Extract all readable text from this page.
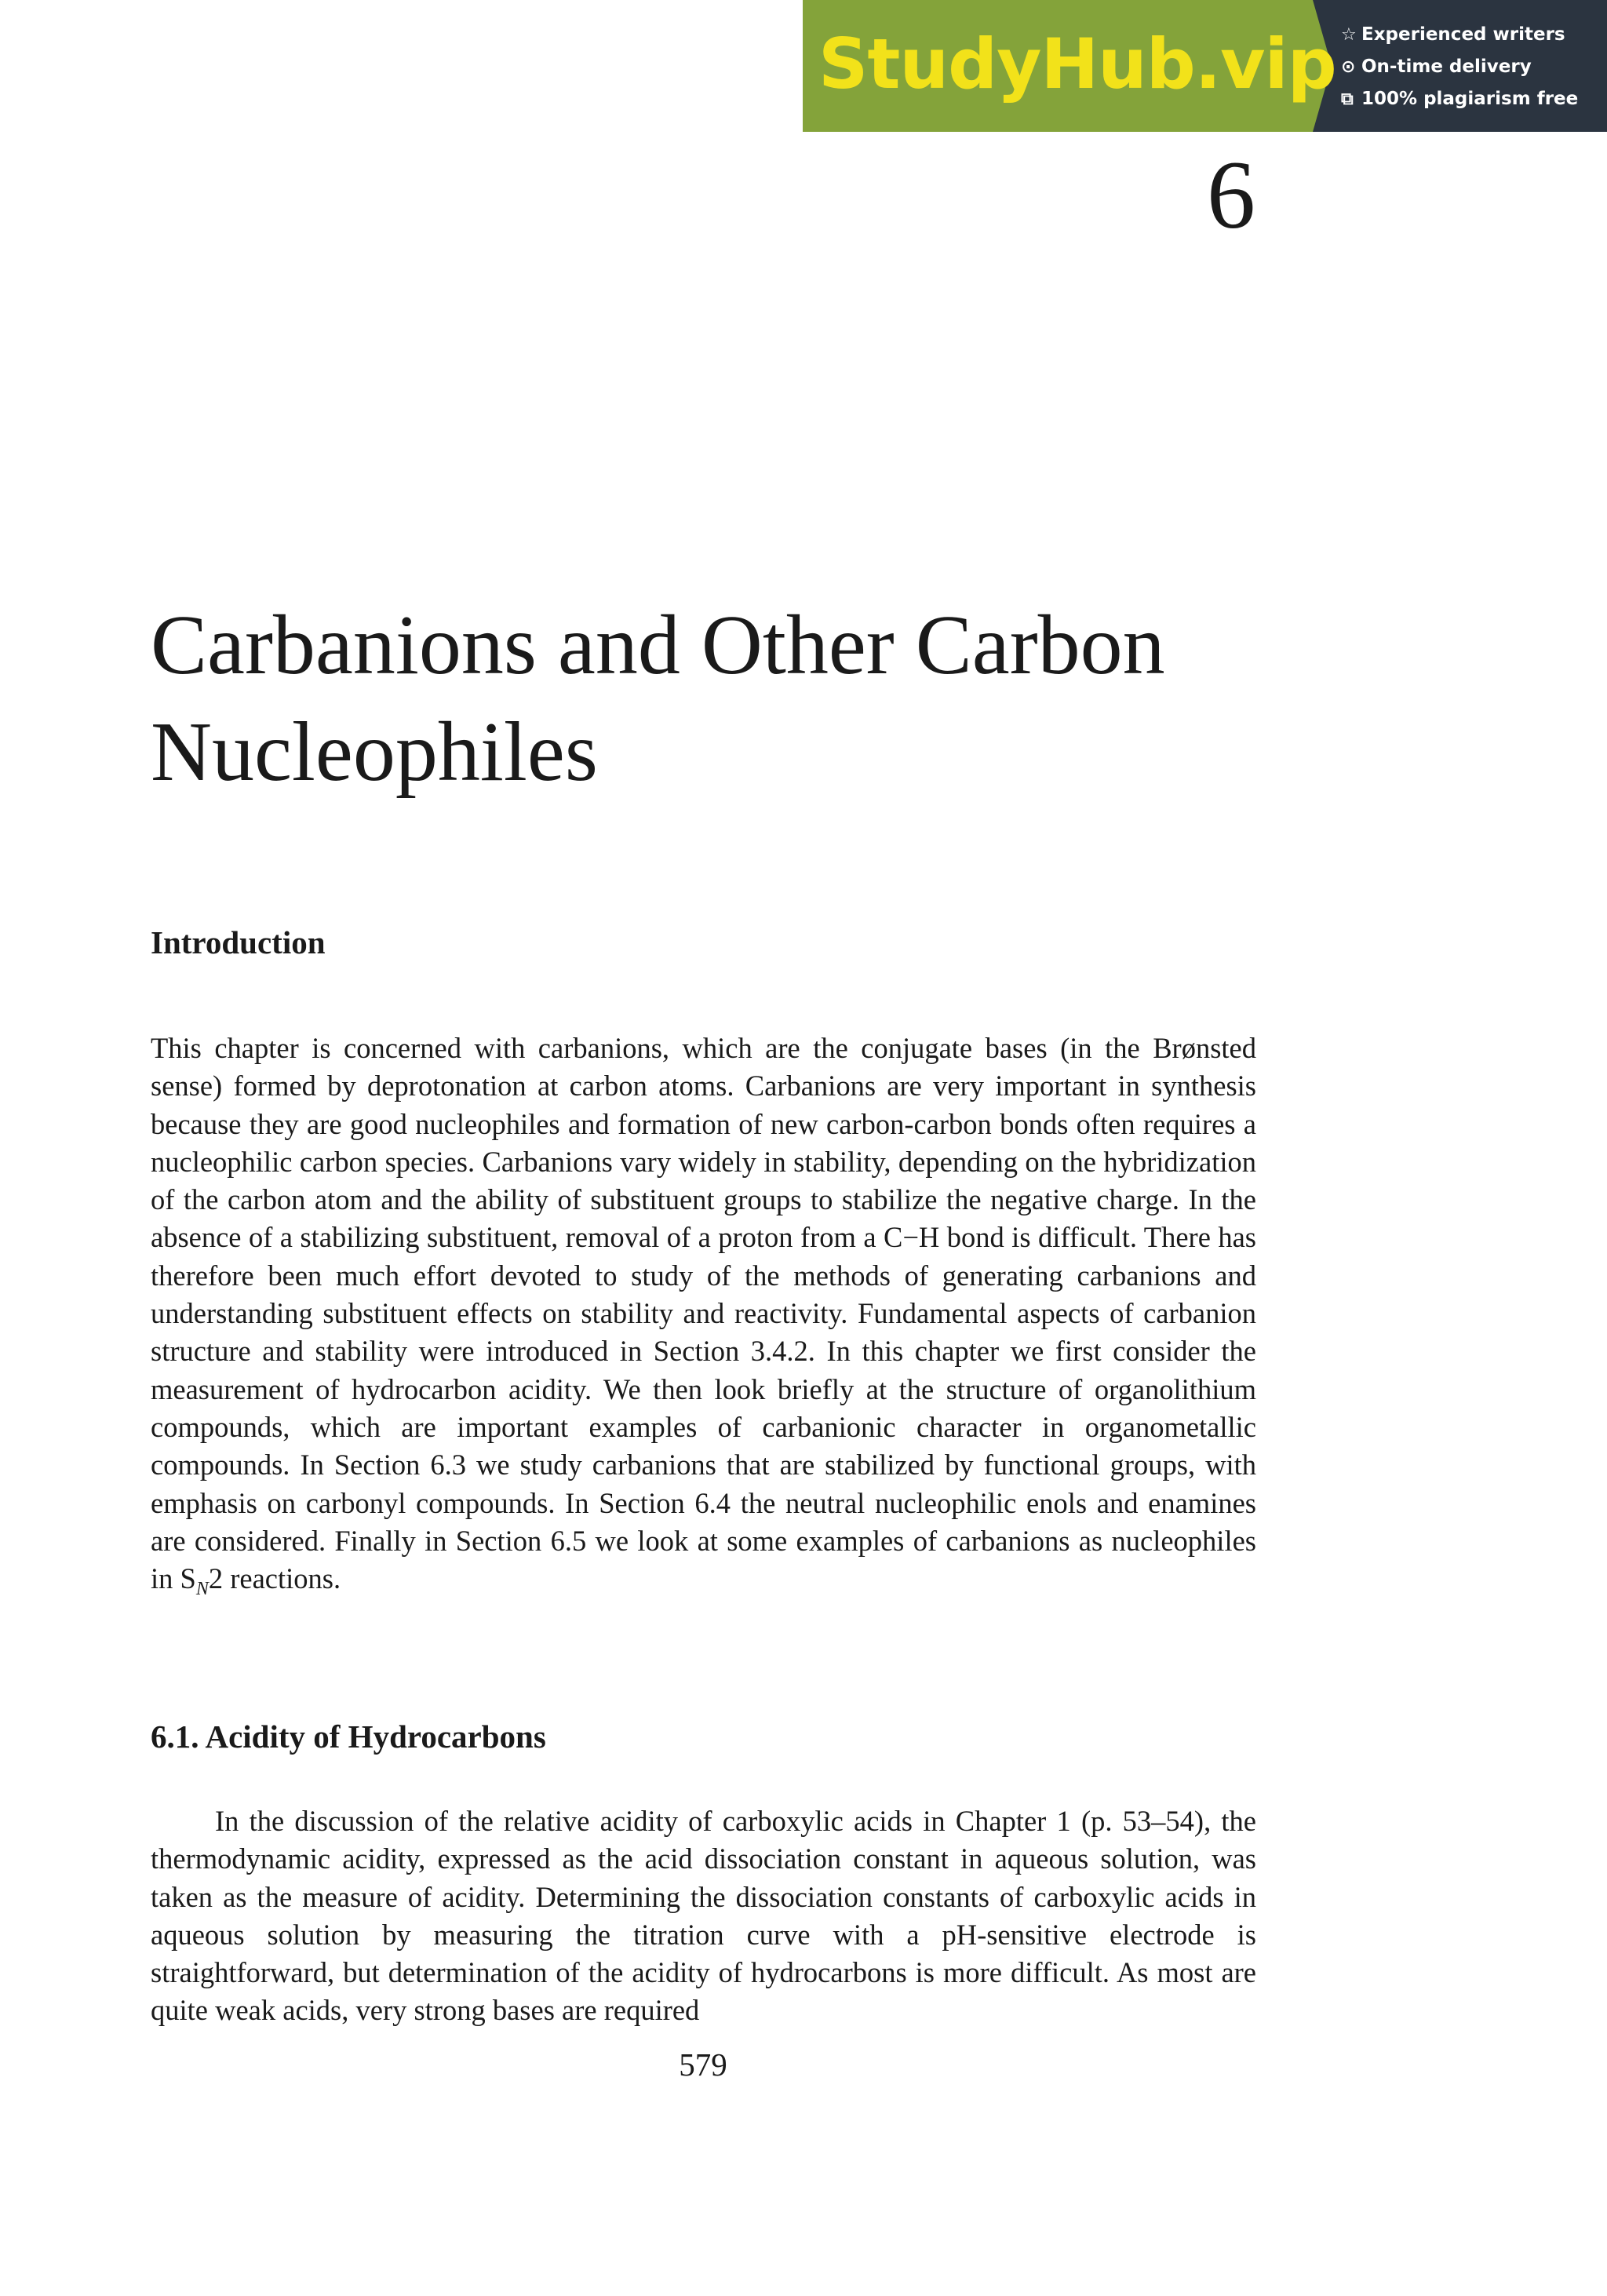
StudyHub.vip ☆ Experienced writers
⊙ On-time delivery
⧉ 100% plagiarism free
6
Carbanions and Other Carbon Nucleophiles
Introduction

This chapter is concerned with carbanions, which are the conjugate bases (in the Brønsted sense) formed by deprotonation at carbon atoms. Carbanions are very important in synthesis because they are good nucleophiles and formation of new carbon-carbon bonds often requires a nucleophilic carbon species. Carbanions vary widely in stability, depending on the hybridization of the carbon atom and the ability of substituent groups to stabilize the negative charge. In the absence of a stabilizing substituent, removal of a proton from a C−H bond is difficult. There has therefore been much effort devoted to study of the methods of generating carbanions and understanding substituent effects on stability and reactivity. Fundamental aspects of carbanion structure and stability were introduced in Section 3.4.2. In this chapter we first consider the measurement of hydrocarbon acidity. We then look briefly at the structure of organolithium compounds, which are important examples of carbanionic character in organometallic compounds. In Section 6.3 we study carbanions that are stabilized by functional groups, with emphasis on carbonyl compounds. In Section 6.4 the neutral nucleophilic enols and enamines are considered. Finally in Section 6.5 we look at some examples of carbanions as nucleophiles in $S_N2$ reactions.

6.1. Acidity of Hydrocarbons

In the discussion of the relative acidity of carboxylic acids in Chapter 1 (p. 53–54), the thermodynamic acidity, expressed as the acid dissociation constant in aqueous solution, was taken as the measure of acidity. Determining the dissociation constants of carboxylic acids in aqueous solution by measuring the titration curve with a pH-sensitive electrode is straightforward, but determination of the acidity of hydrocarbons is more difficult. As most are quite weak acids, very strong bases are required

579
